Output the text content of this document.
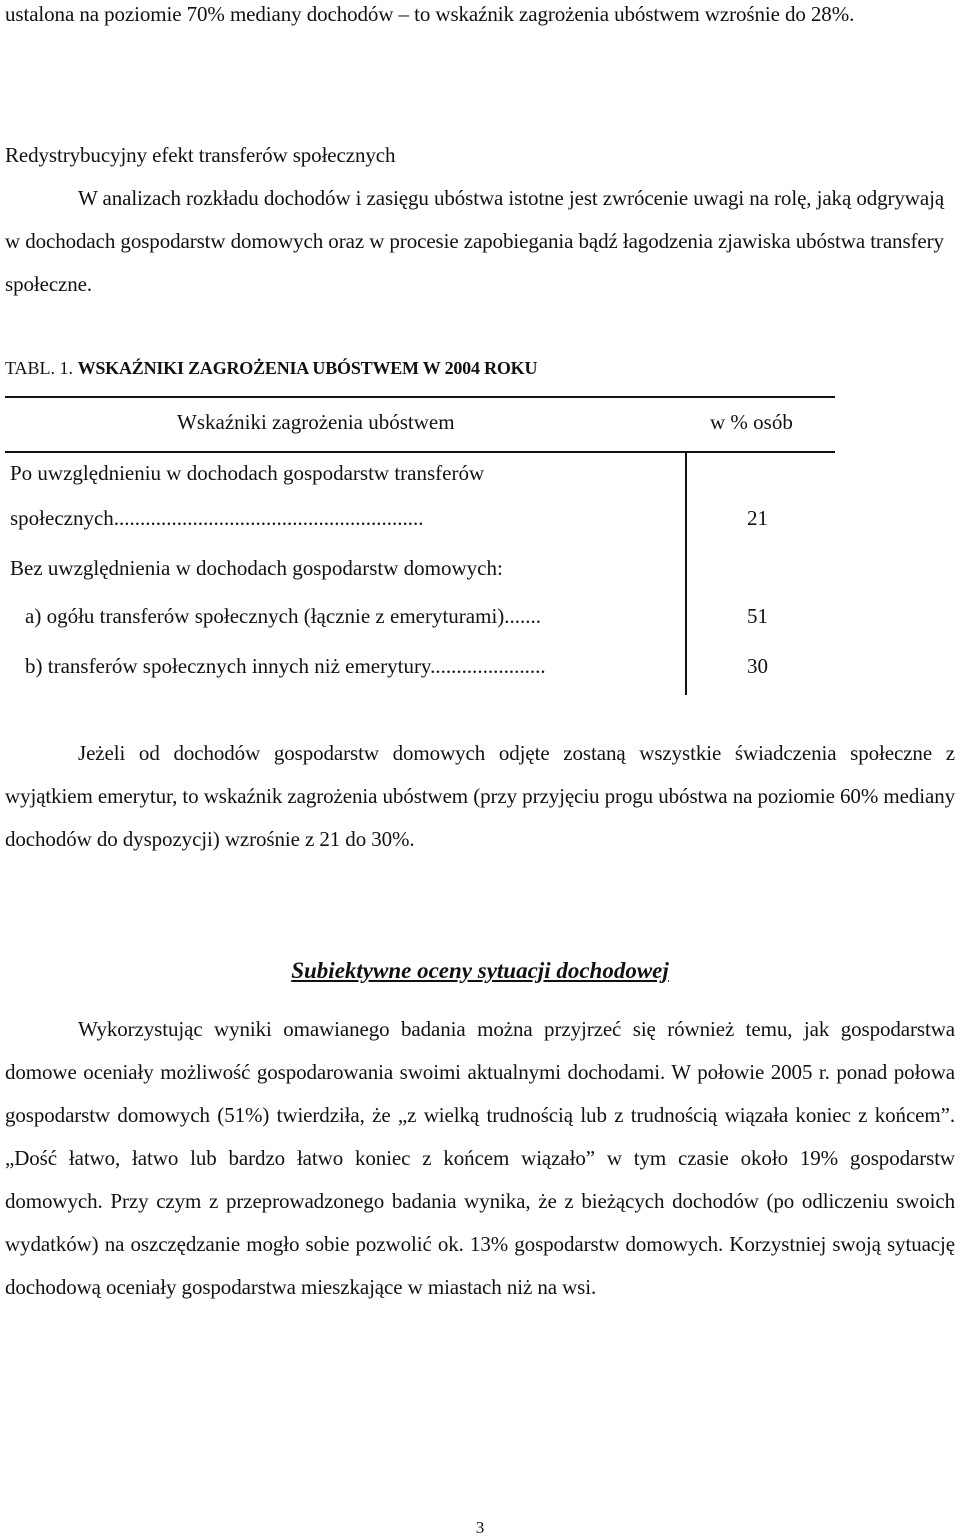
ustalona na poziomie 70% mediany dochodów – to wskaźnik zagrożenia ubóstwem wzrośnie do 28%.

Redystrybucyjny efekt transferów społecznych
W analizach rozkładu dochodów i zasięgu ubóstwa istotne jest zwrócenie uwagi na rolę, jaką odgrywają w dochodach gospodarstw domowych oraz w procesie zapobiegania bądź łagodzenia zjawiska ubóstwa transfery społeczne.
TABL. 1. WSKAŹNIKI ZAGROŻENIA UBÓSTWEM W 2004 ROKU
Wskaźniki zagrożenia ubóstwem	w % osób
Po uwzględnieniu w dochodach gospodarstw transferów
społecznych...........................................................	21
Bez uwzględnienia w dochodach gospodarstw domowych:
a) ogółu transferów społecznych (łącznie z emeryturami).......	51
b) transferów społecznych innych niż emerytury......................	30

Jeżeli od dochodów gospodarstw domowych odjęte zostaną wszystkie świadczenia społeczne z wyjątkiem emerytur, to wskaźnik zagrożenia ubóstwem (przy przyjęciu progu ubóstwa na poziomie 60% mediany dochodów do dyspozycji) wzrośnie z 21 do 30%.

Subiektywne oceny sytuacji dochodowej

Wykorzystując wyniki omawianego badania można przyjrzeć się również temu, jak gospodarstwa domowe oceniały możliwość gospodarowania swoimi aktualnymi dochodami. W połowie 2005 r. ponad połowa gospodarstw domowych (51%) twierdziła, że „z wielką trudnością lub z trudnością wiązała koniec z końcem”. „Dość łatwo, łatwo lub bardzo łatwo koniec z końcem wiązało” w tym czasie około 19% gospodarstw domowych. Przy czym z przeprowadzonego badania wynika, że z bieżących dochodów (po odliczeniu swoich wydatków) na oszczędzanie mogło sobie pozwolić ok. 13% gospodarstw domowych. Korzystniej swoją sytuację dochodową oceniały gospodarstwa mieszkające w miastach niż na wsi.

3
